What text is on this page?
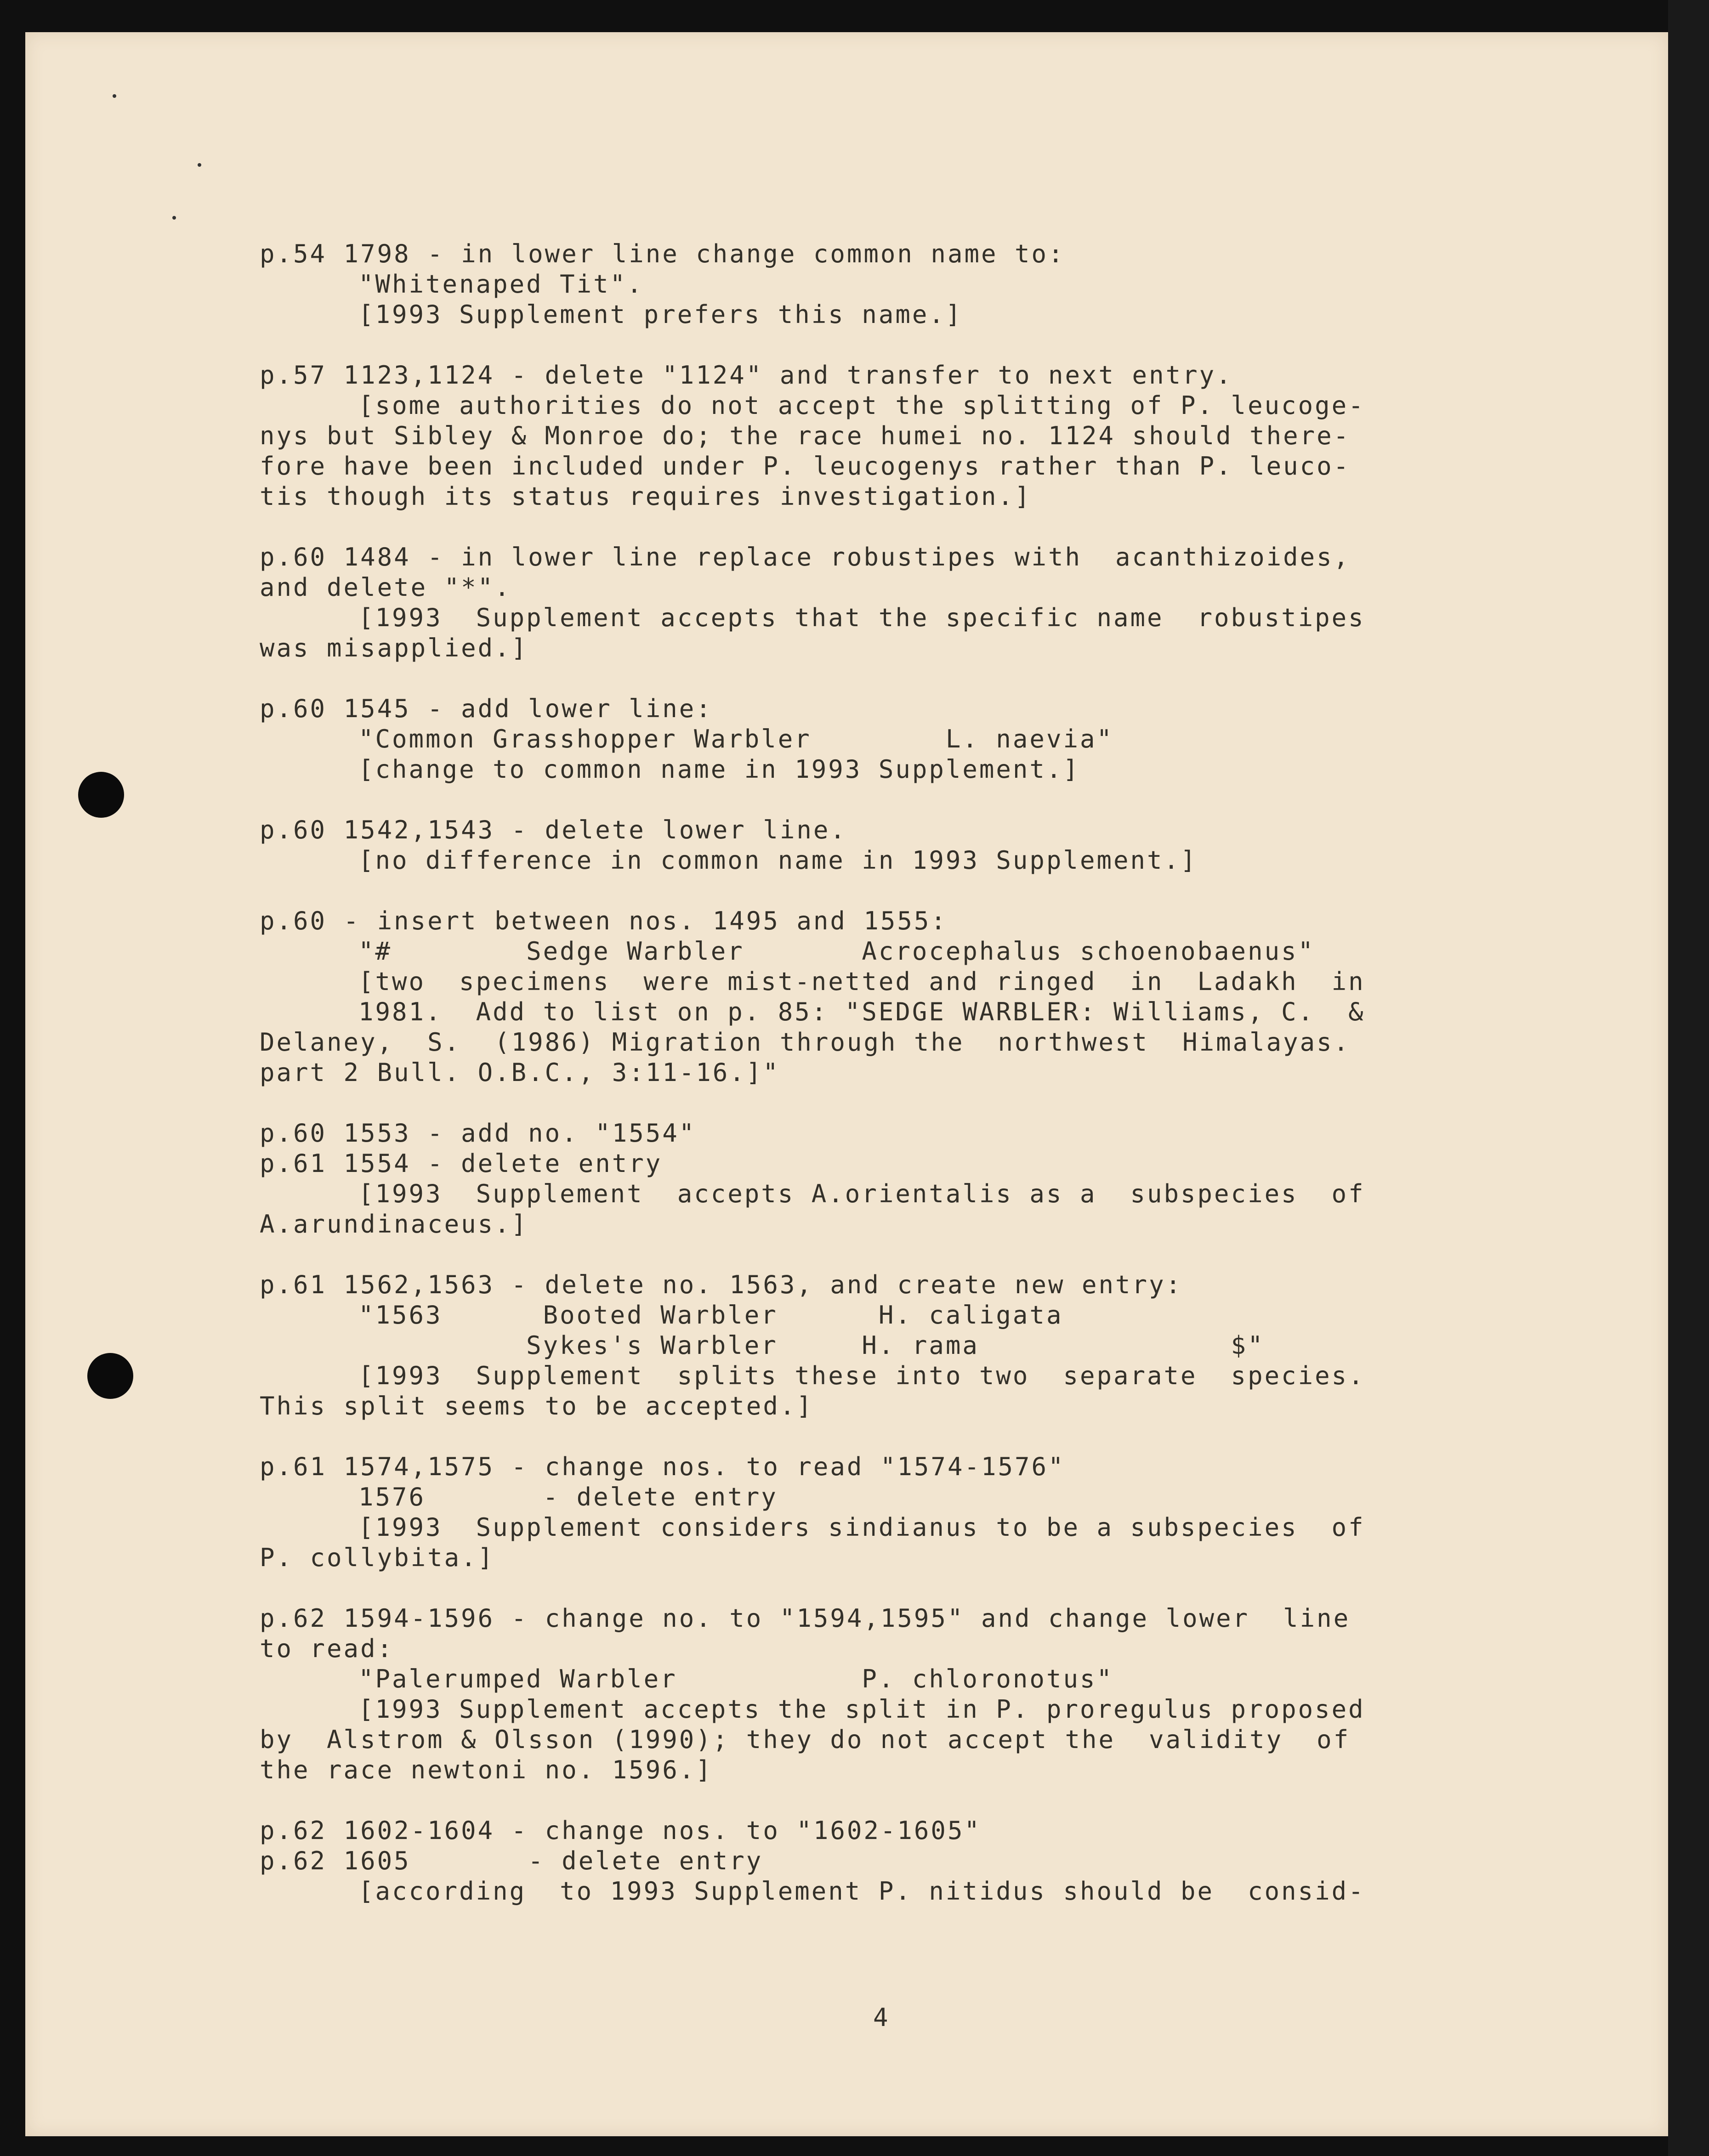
p.54 1798 - in lower line change common name to:
"Whitenaped Tit".
[1993 Supplement prefers this name.]
p.57 1123,1124 - delete "1124" and transfer to next entry.
[some authorities do not accept the splitting of P. leucoge-
nys but Sibley & Monroe do; the race humei no. 1124 should there-
fore have been included under P. leucogenys rather than P. leuco-
tis though its status requires investigation.]
p.60 1484 - in lower line replace robustipes with  acanthizoides,
and delete "*".
[1993  Supplement accepts that the specific name  robustipes
was misapplied.]
p.60 1545 - add lower line:
"Common Grasshopper Warbler        L. naevia"
[change to common name in 1993 Supplement.]
p.60 1542,1543 - delete lower line.
[no difference in common name in 1993 Supplement.]
p.60 - insert between nos. 1495 and 1555:
"#        Sedge Warbler       Acrocephalus schoenobaenus"
[two  specimens  were mist-netted and ringed  in  Ladakh  in
1981.  Add to list on p. 85: "SEDGE WARBLER: Williams, C.  &
Delaney,  S.  (1986) Migration through the  northwest  Himalayas.
part 2 Bull. O.B.C., 3:11-16.]"
p.60 1553 - add no. "1554"
p.61 1554 - delete entry
[1993  Supplement  accepts A.orientalis as a  subspecies  of
A.arundinaceus.]
p.61 1562,1563 - delete no. 1563, and create new entry:
"1563      Booted Warbler      H. caligata
Sykes's Warbler     H. rama               $"
[1993  Supplement  splits these into two  separate  species.
This split seems to be accepted.]
p.61 1574,1575 - change nos. to read "1574-1576"
1576       - delete entry
[1993  Supplement considers sindianus to be a subspecies  of
P. collybita.]
p.62 1594-1596 - change no. to "1594,1595" and change lower  line
to read:
"Palerumped Warbler           P. chloronotus"
[1993 Supplement accepts the split in P. proregulus proposed
by  Alstrom & Olsson (1990); they do not accept the  validity  of
the race newtoni no. 1596.]
p.62 1602-1604 - change nos. to "1602-1605"
p.62 1605       - delete entry
[according  to 1993 Supplement P. nitidus should be  consid-
4
